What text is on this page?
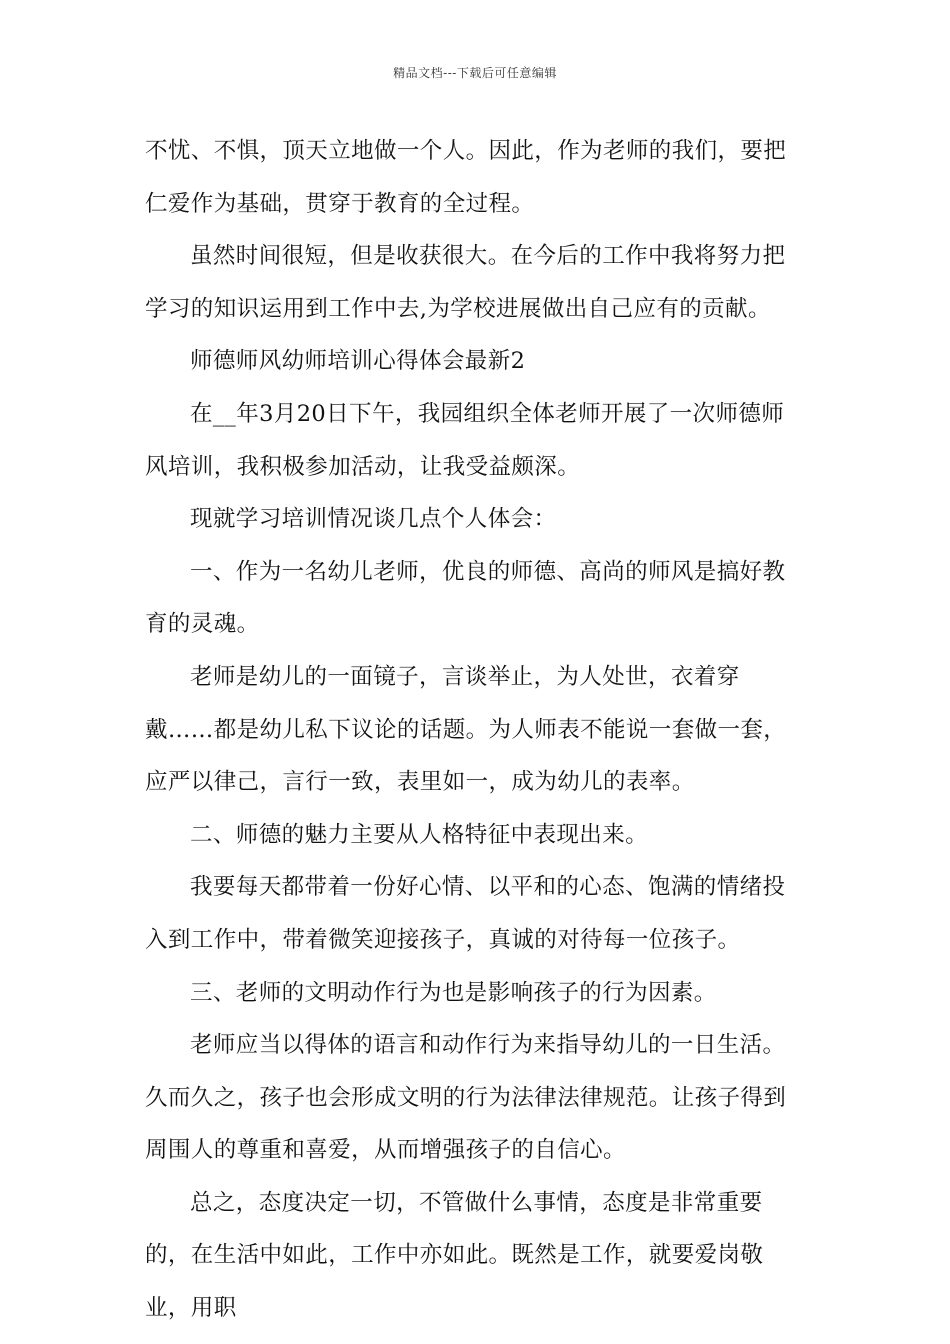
精品文档---下载后可任意编辑

不忧、不惧，顶天立地做一个人。因此，作为老师的我们，要把仁爱作为基础，贯穿于教育的全过程。

虽然时间很短，但是收获很大。在今后的工作中我将努力把学习的知识运用到工作中去,为学校进展做出自己应有的贡献。

师德师风幼师培训心得体会最新2

在__年3月20日下午，我园组织全体老师开展了一次师德师风培训，我积极参加活动，让我受益颇深。

现就学习培训情况谈几点个人体会：

一、作为一名幼儿老师，优良的师德、高尚的师风是搞好教育的灵魂。

老师是幼儿的一面镜子，言谈举止，为人处世，衣着穿戴……都是幼儿私下议论的话题。为人师表不能说一套做一套，应严以律己，言行一致，表里如一，成为幼儿的表率。

二、师德的魅力主要从人格特征中表现出来。

我要每天都带着一份好心情、以平和的心态、饱满的情绪投入到工作中，带着微笑迎接孩子，真诚的对待每一位孩子。

三、老师的文明动作行为也是影响孩子的行为因素。

老师应当以得体的语言和动作行为来指导幼儿的一日生活。久而久之，孩子也会形成文明的行为法律法律规范。让孩子得到周围人的尊重和喜爱，从而增强孩子的自信心。

总之，态度决定一切，不管做什么事情，态度是非常重要的，在生活中如此，工作中亦如此。既然是工作，就要爱岗敬业，用职
